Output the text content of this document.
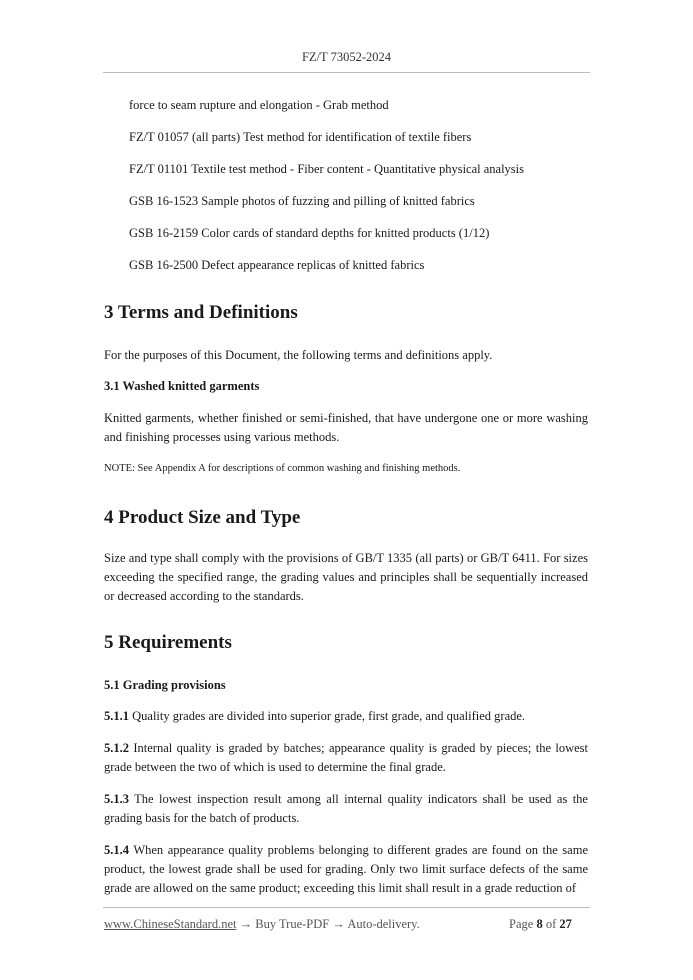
FZ/T 73052-2024
force to seam rupture and elongation - Grab method
FZ/T 01057 (all parts) Test method for identification of textile fibers
FZ/T 01101 Textile test method - Fiber content - Quantitative physical analysis
GSB 16-1523 Sample photos of fuzzing and pilling of knitted fabrics
GSB 16-2159 Color cards of standard depths for knitted products (1/12)
GSB 16-2500 Defect appearance replicas of knitted fabrics
3 Terms and Definitions
For the purposes of this Document, the following terms and definitions apply.
3.1 Washed knitted garments

Knitted garments, whether finished or semi-finished, that have undergone one or more washing and finishing processes using various methods.

NOTE: See Appendix A for descriptions of common washing and finishing methods.
4 Product Size and Type

Size and type shall comply with the provisions of GB/T 1335 (all parts) or GB/T 6411. For sizes exceeding the specified range, the grading values and principles shall be sequentially increased or decreased according to the standards.

5 Requirements
5.1 Grading provisions

5.1.1 Quality grades are divided into superior grade, first grade, and qualified grade.

5.1.2 Internal quality is graded by batches; appearance quality is graded by pieces; the lowest grade between the two of which is used to determine the final grade.

5.1.3 The lowest inspection result among all internal quality indicators shall be used as the grading basis for the batch of products.

5.1.4 When appearance quality problems belonging to different grades are found on the same product, the lowest grade shall be used for grading. Only two limit surface defects of the same grade are allowed on the same product; exceeding this limit shall result in a grade reduction of

www.ChineseStandard.net → Buy True-PDF → Auto-delivery.	Page 8 of 27
